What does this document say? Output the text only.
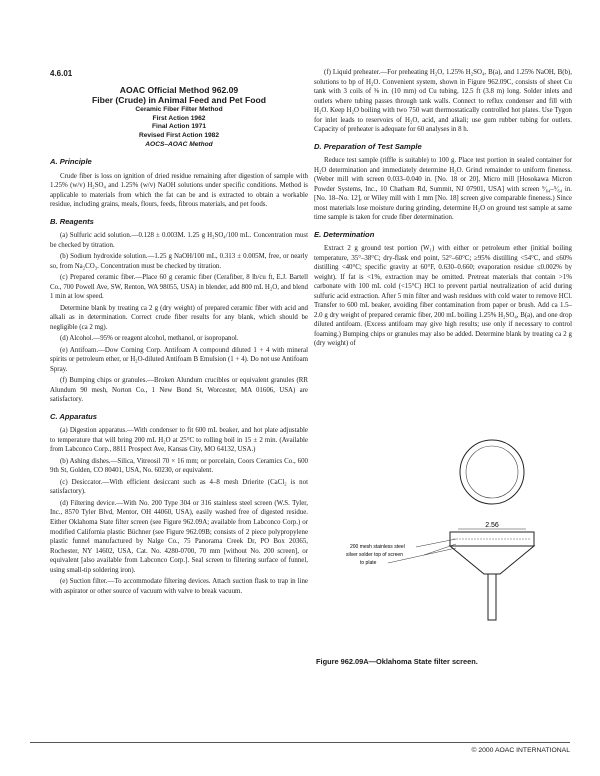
4.6.01
AOAC Official Method 962.09
Fiber (Crude) in Animal Feed and Pet Food
Ceramic Fiber Filter Method
First Action 1962
Final Action 1971
Revised First Action 1982
AOCS–AOAC Method
A. Principle

Crude fiber is loss on ignition of dried residue remaining after digestion of sample with 1.25% (w/v) H₂SO₄ and 1.25% (w/v) NaOH solutions under specific conditions. Method is applicable to materials from which the fat can be and is extracted to obtain a workable residue, including grains, meals, flours, feeds, fibrous materials, and pet foods.

B. Reagents

(a) Sulfuric acid solution.—0.128 ± 0.003M. 1.25 g H₂SO₄/100 mL. Concentration must be checked by titration.

(b) Sodium hydroxide solution.—1.25 g NaOH/100 mL, 0.313 ± 0.005M, free, or nearly so, from Na₂CO₃. Concentration must be checked by titration.

(c) Prepared ceramic fiber.—Place 60 g ceramic fiber (Cerafiber, 8 lb/cu ft, E.J. Bartell Co., 700 Powell Ave, SW, Renton, WA 98055, USA) in blender, add 800 mL H₂O, and blend 1 min at low speed.

Determine blank by treating ca 2 g (dry weight) of prepared ceramic fiber with acid and alkali as in determination. Correct crude fiber results for any blank, which should be negligible (ca 2 mg).

(d) Alcohol.—95% or reagent alcohol, methanol, or isopropanol.

(e) Antifoam.—Dow Corning Corp. Antifoam A compound diluted 1 + 4 with mineral spirits or petroleum ether, or H₂O-diluted Antifoam B Emulsion (1 + 4). Do not use Antifoam Spray.

(f) Bumping chips or granules.—Broken Alundum crucibles or equivalent granules (RR Alundum 90 mesh, Norton Co., 1 New Bond St, Worcester, MA 01606, USA) are satisfactory.

C. Apparatus

(a) Digestion apparatus.—With condenser to fit 600 mL beaker, and hot plate adjustable to temperature that will bring 200 mL H₂O at 25°C to rolling boil in 15 ± 2 min. (Available from Labconco Corp., 8811 Prospect Ave, Kansas City, MO 64132, USA.)

(b) Ashing dishes.—Silica, Vitreosil 70 × 16 mm; or porcelain, Coors Ceramics Co., 600 9th St, Golden, CO 80401, USA, No. 60230, or equivalent.

(c) Desiccator.—With efficient desiccant such as 4–8 mesh Drierite (CaCl₂ is not satisfactory).

(d) Filtering device.—With No. 200 Type 304 or 316 stainless steel screen (W.S. Tyler, Inc., 8570 Tyler Blvd, Mentor, OH 44060, USA), easily washed free of digested residue. Either Oklahoma State filter screen (see Figure 962.09A; available from Labconco Corp.) or modified California plastic Büchner (see Figure 962.09B; consists of 2 piece polypropylene plastic funnel manufactured by Nalge Co., 75 Panorama Creek Dr, PO Box 20365, Rochester, NY 14602, USA, Cat. No. 4280-0700, 70 mm [without No. 200 screen], or equivalent [also available from Labconco Corp.]. Seal screen to filtering surface of funnel, using small-tip soldering iron).

(e) Suction filter.—To accommodate filtering devices. Attach suction flask to trap in line with aspirator or other source of vacuum with valve to break vacuum.

(f) Liquid preheater.—For preheating H₂O, 1.25% H₂SO₄, B(a), and 1.25% NaOH, B(b), solutions to bp of H₂O. Convenient system, shown in Figure 962.09C, consists of sheet Cu tank with 3 coils of ⅜ in. (10 mm) od Cu tubing, 12.5 ft (3.8 m) long. Solder inlets and outlets where tubing passes through tank walls. Connect to reflux condenser and fill with H₂O. Keep H₂O boiling with two 750 watt thermostatically controlled hot plates. Use Tygon for inlet leads to reservoirs of H₂O, acid, and alkali; use gum rubber tubing for outlets. Capacity of preheater is adequate for 60 analyses in 8 h.

D. Preparation of Test Sample

Reduce test sample (riffle is suitable) to 100 g. Place test portion in sealed container for H₂O determination and immediately determine H₂O. Grind remainder to uniform fineness. (Weber mill with screen 0.033–0.040 in. [No. 18 or 20], Micro mill [Hosokawa Micron Powder Systems, Inc., 10 Chatham Rd, Summit, NJ 07901, USA] with screen ⁹⁄₆₄–⁵⁄₆₄ in. [No. 18–No. 12], or Wiley mill with 1 mm [No. 18] screen give comparable fineness.) Since most materials lose moisture during grinding, determine H₂O on ground test sample at same time sample is taken for crude fiber determination.

E. Determination

Extract 2 g ground test portion (W₁) with either or petroleum ether (initial boiling temperature, 35°–38°C; dry-flask end point, 52°–60°C; ≥95% distilling <54°C, and ≤60% distilling <40°C; specific gravity at 60°F, 0.630–0.660; evaporation residue ≤0.002% by weight). If fat is <1%, extraction may be omitted. Pretreat materials that contain >1% carbonate with 100 mL cold (<15°C) HCl to prevent partial neutralization of acid during sulfuric acid extraction. After 5 min filter and wash residues with cold water to remove HCl. Transfer to 600 mL beaker, avoiding fiber contamination from paper or brush. Add ca 1.5–2.0 g dry weight of prepared ceramic fiber, 200 mL boiling 1.25% H₂SO₄, B(a), and one drop diluted antifoam. (Excess antifoam may give high results; use only if necessary to control foaming.) Bumping chips or granules may also be added. Determine blank by treating ca 2 g (dry weight) of

2.56
200 mesh stainless steel
silver solder top of screen
to plate
Figure 962.09A—Oklahoma State filter screen.
© 2000 AOAC INTERNATIONAL
